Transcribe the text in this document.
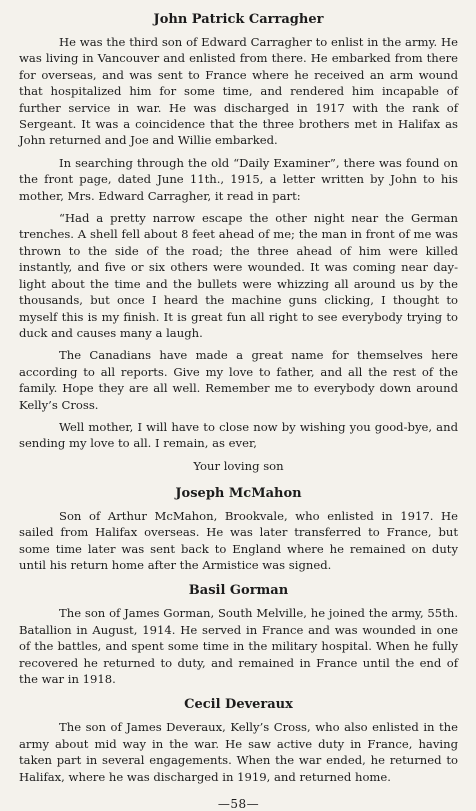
John Patrick Carragher

He was the third son of Edward Carragher to enlist in the army. He was living in Vancouver and enlisted from there. He embarked from there for overseas, and was sent to France where he received an arm wound that hospitalized him for some time, and rendered him incapable of further service in war. He was discharged in 1917 with the rank of Sergeant. It was a coincidence that the three brothers met in Halifax as John returned and Joe and Willie embarked.

In searching through the old “Daily Examiner”, there was found on the front page, dated June 11th., 1915, a letter written by John to his mother, Mrs. Edward Carragher, it read in part:

“Had a pretty narrow escape the other night near the German trenches. A shell fell about 8 feet ahead of me; the man in front of me was thrown to the side of the road; the three ahead of him were killed instantly, and five or six others were wounded. It was coming near day-light about the time and the bullets were whizzing all around us by the thousands, but once I heard the machine guns clicking, I thought to myself this is my finish. It is great fun all right to see everybody trying to duck and causes many a laugh.

The Canadians have made a great name for themselves here according to all reports. Give my love to father, and all the rest of the family. Hope they are all well. Remember me to everybody down around Kelly’s Cross.

Well mother, I will have to close now by wishing you good-bye, and sending my love to all. I remain, as ever,

Your loving son
Joseph McMahon

Son of Arthur McMahon, Brookvale, who enlisted in 1917. He sailed from Halifax overseas. He was later transferred to France, but some time later was sent back to England where he remained on duty until his return home after the Armistice was signed.

Basil Gorman

The son of James Gorman, South Melville, he joined the army, 55th. Batallion in August, 1914. He served in France and was wounded in one of the battles, and spent some time in the military hospital. When he fully recovered he returned to duty, and remained in France until the end of the war in 1918.

Cecil Deveraux

The son of James Deveraux, Kelly’s Cross, who also enlisted in the army about mid way in the war. He saw active duty in France, having taken part in several engagements. When the war ended, he returned to Halifax, where he was discharged in 1919, and returned home.

—58—
